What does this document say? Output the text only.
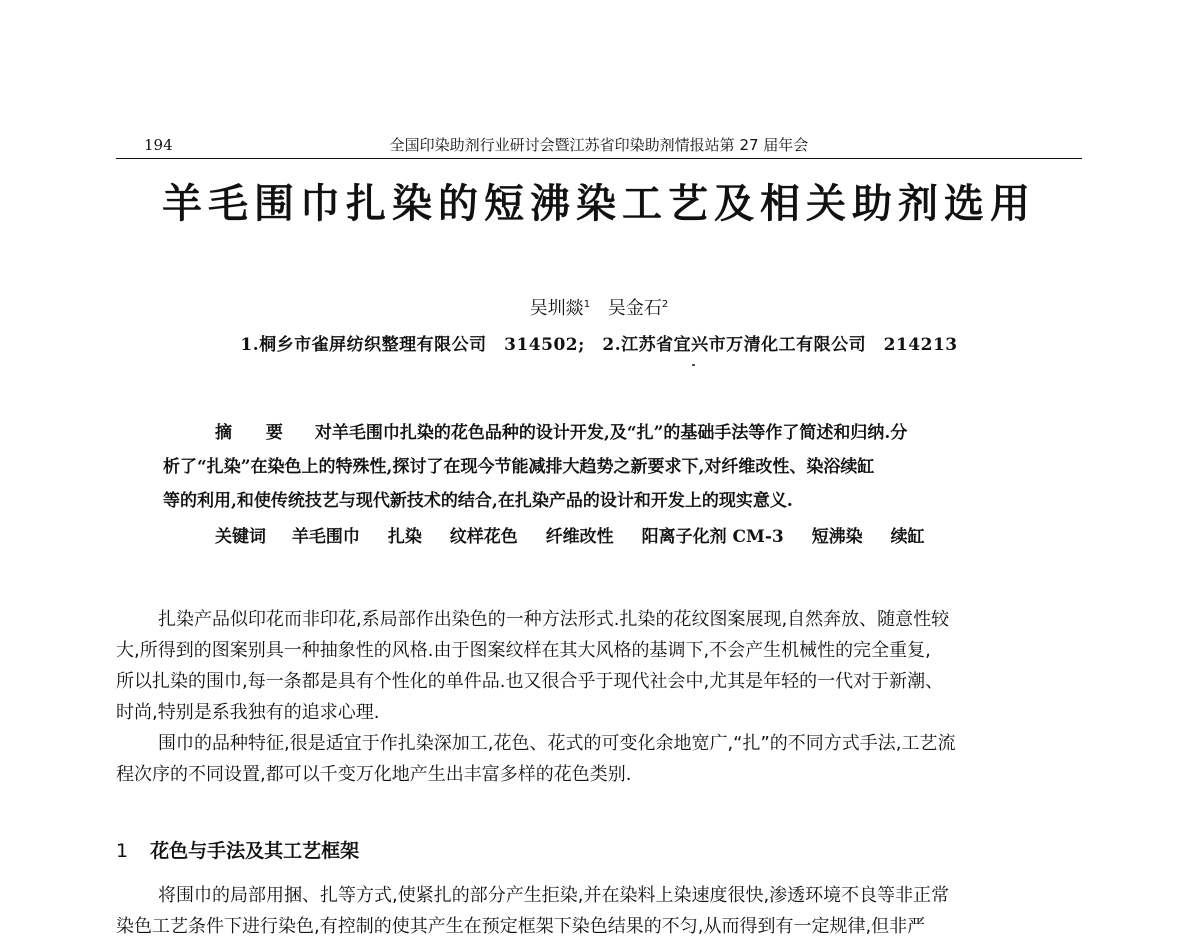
194	全国印染助剂行业研讨会暨江苏省印染助剂情报站第 27 届年会
羊毛围巾扎染的短沸染工艺及相关助剂选用
吴圳燚$^1$ 吴金石$^2$
1.桐乡市雀屏纺织整理有限公司　314502;　2.江苏省宜兴市万清化工有限公司　214213
摘 要 对羊毛围巾扎染的花色品种的设计开发,及“扎”的基础手法等作了简述和归纳.分
析了“扎染”在染色上的特殊性,探讨了在现今节能减排大趋势之新要求下,对纤维改性、染浴续缸
等的利用,和使传统技艺与现代新技术的结合,在扎染产品的设计和开发上的现实意义.
关键词 羊毛围巾 扎染 纹样花色 纤维改性 阳离子化剂 CM-3 短沸染 续缸
扎染产品似印花而非印花,系局部作出染色的一种方法形式.扎染的花纹图案展现,自然奔放、随意性较
大,所得到的图案别具一种抽象性的风格.由于图案纹样在其大风格的基调下,不会产生机械性的完全重复,
所以扎染的围巾,每一条都是具有个性化的单件品.也又很合乎于现代社会中,尤其是年轻的一代对于新潮、
时尚,特别是系我独有的追求心理.
围巾的品种特征,很是适宜于作扎染深加工,花色、花式的可变化余地宽广,“扎”的不同方式手法,工艺流
程次序的不同设置,都可以千变万化地产生出丰富多样的花色类别.
1 花色与手法及其工艺框架
将围巾的局部用捆、扎等方式,使紧扎的部分产生拒染,并在染料上染速度很快,渗透环境不良等非正常
染色工艺条件下进行染色,有控制的使其产生在预定框架下染色结果的不匀,从而得到有一定规律,但非严
